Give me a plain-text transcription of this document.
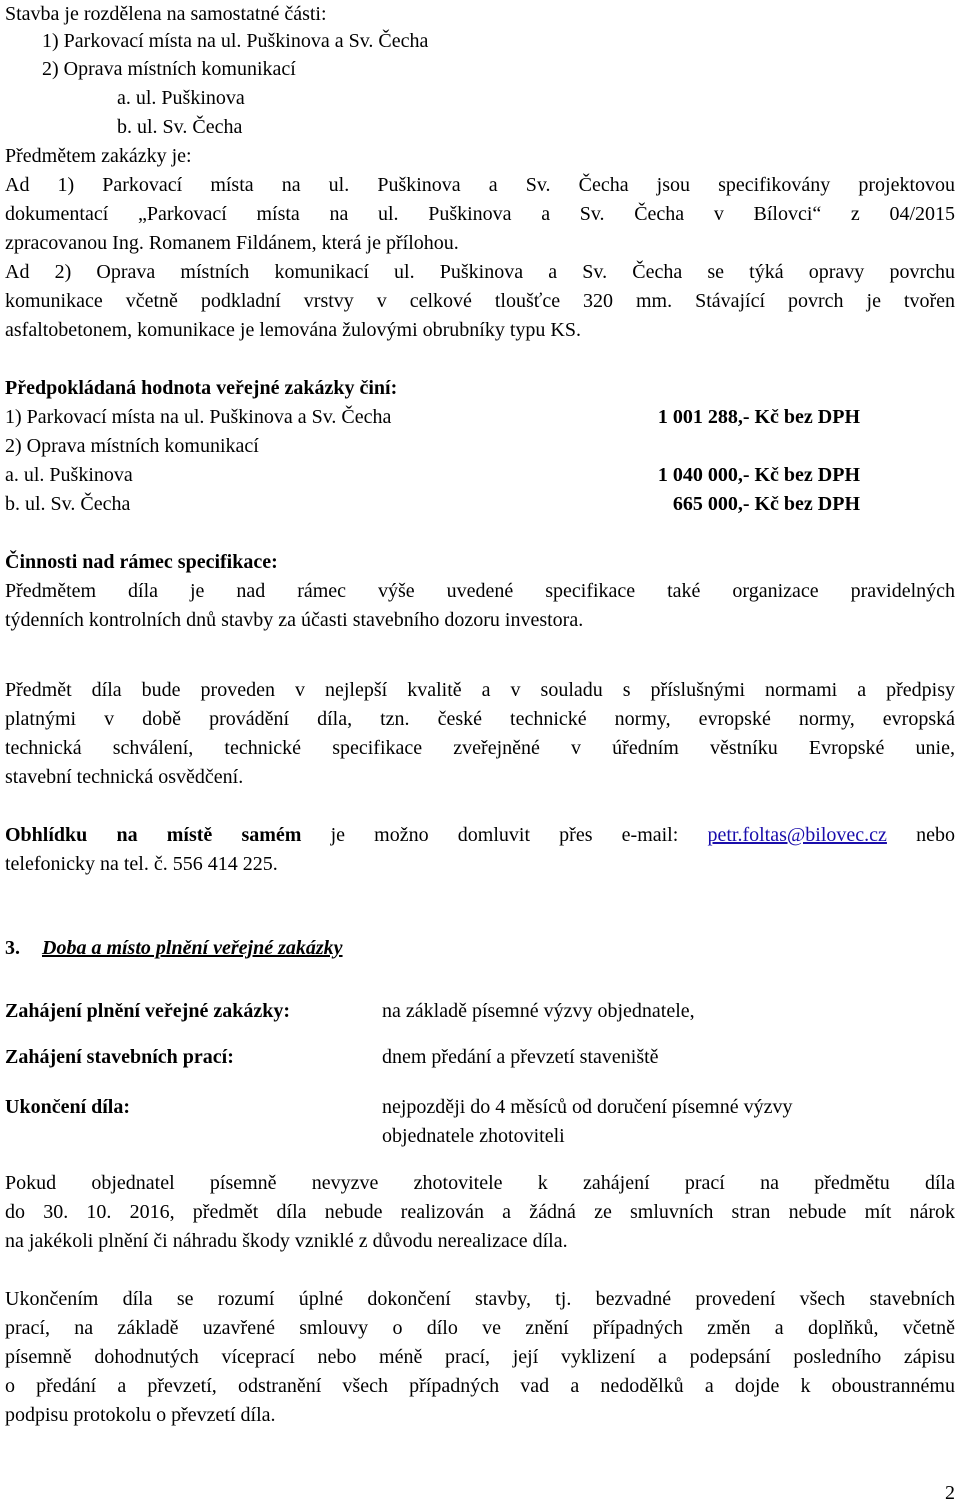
Stavba je rozdělena na samostatné části:
1) Parkovací místa na ul. Puškinova a Sv. Čecha
2) Oprava místních komunikací
a. ul. Puškinova
b. ul. Sv. Čecha
Předmětem zakázky je:
Ad 1) Parkovací místa na ul. Puškinova a Sv. Čecha jsou specifikovány projektovou
dokumentací „Parkovací místa na ul. Puškinova a Sv. Čecha v Bílovci“ z 04/2015
zpracovanou Ing. Romanem Fildánem, která je přílohou.
Ad 2) Oprava místních komunikací ul. Puškinova a Sv. Čecha se týká opravy povrchu
komunikace včetně podkladní vrstvy v celkové tloušťce 320 mm. Stávající povrch je tvořen
asfaltobetonem, komunikace je lemována žulovými obrubníky typu KS.
Předpokládaná hodnota veřejné zakázky činí:
1) Parkovací místa na ul. Puškinova a Sv. Čecha	1 001 288,- Kč bez DPH
2) Oprava místních komunikací
a. ul. Puškinova	1 040 000,- Kč bez DPH
b. ul. Sv. Čecha	665 000,- Kč bez DPH
Činnosti nad rámec specifikace:
Předmětem díla je nad rámec výše uvedené specifikace také organizace pravidelných
týdenních kontrolních dnů stavby za účasti stavebního dozoru investora.
Předmět díla bude proveden v nejlepší kvalitě a v souladu s příslušnými normami a předpisy
platnými v době provádění díla, tzn. české technické normy, evropské normy, evropská
technická schválení, technické specifikace zveřejněné v úředním věstníku Evropské unie,
stavební technická osvědčení.
Obhlídku na místě samém je možno domluvit přes e-mail: petr.foltas@bilovec.cz nebo
telefonicky na tel. č. 556 414 225.
3. Doba a místo plnění veřejné zakázky
Zahájení plnění veřejné zakázky:	na základě písemné výzvy objednatele,
Zahájení stavebních prací:	dnem předání a převzetí staveniště
Ukončení díla:	nejpozději do 4 měsíců od doručení písemné výzvy
objednatele zhotoviteli
Pokud objednatel písemně nevyzve zhotovitele k zahájení prací na předmětu díla
do 30. 10. 2016, předmět díla nebude realizován a žádná ze smluvních stran nebude mít nárok
na jakékoli plnění či náhradu škody vzniklé z důvodu nerealizace díla.
Ukončením díla se rozumí úplné dokončení stavby, tj. bezvadné provedení všech stavebních
prací, na základě uzavřené smlouvy o dílo ve znění případných změn a doplňků, včetně
písemně dohodnutých víceprací nebo méně prací, její vyklizení a podepsání posledního zápisu
o předání a převzetí, odstranění všech případných vad a nedodělků a dojde k oboustrannému
podpisu protokolu o převzetí díla.
2
